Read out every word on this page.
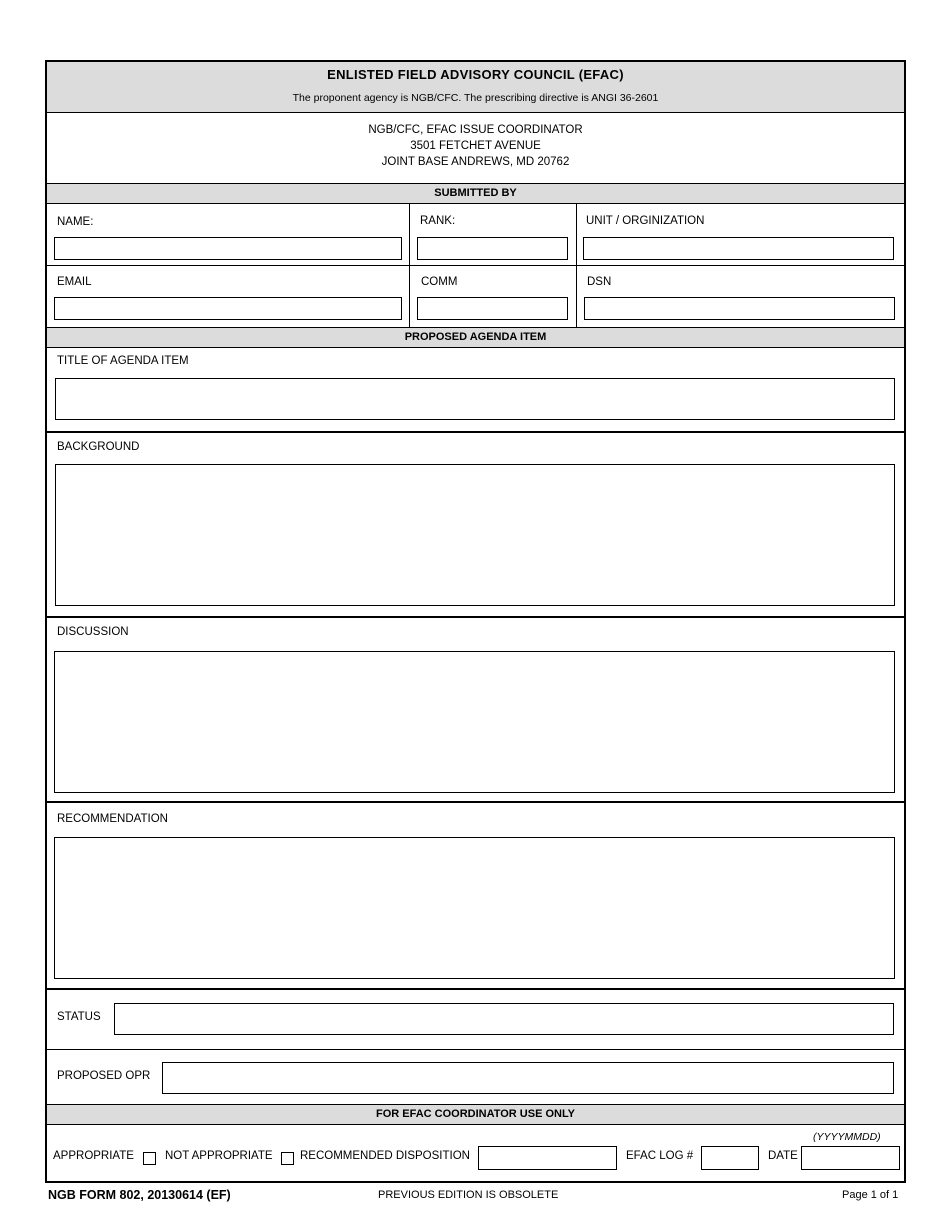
ENLISTED FIELD ADVISORY COUNCIL (EFAC)
The proponent agency is NGB/CFC. The prescribing directive is ANGI 36-2601
NGB/CFC, EFAC ISSUE COORDINATOR
3501 FETCHET AVENUE
JOINT BASE ANDREWS, MD 20762
SUBMITTED BY
NAME:	RANK:	UNIT / ORGINIZATION
EMAIL	COMM	DSN
PROPOSED AGENDA ITEM
TITLE OF AGENDA ITEM
BACKGROUND
DISCUSSION
RECOMMENDATION
STATUS
PROPOSED OPR
FOR EFAC COORDINATOR USE ONLY
(YYYYMMDD)
APPROPRIATE	NOT APPROPRIATE RECOMMENDED DISPOSITION	EFAC LOG #	DATE
NGB FORM 802, 20130614 (EF)	PREVIOUS EDITION IS OBSOLETE	Page 1 of 1
